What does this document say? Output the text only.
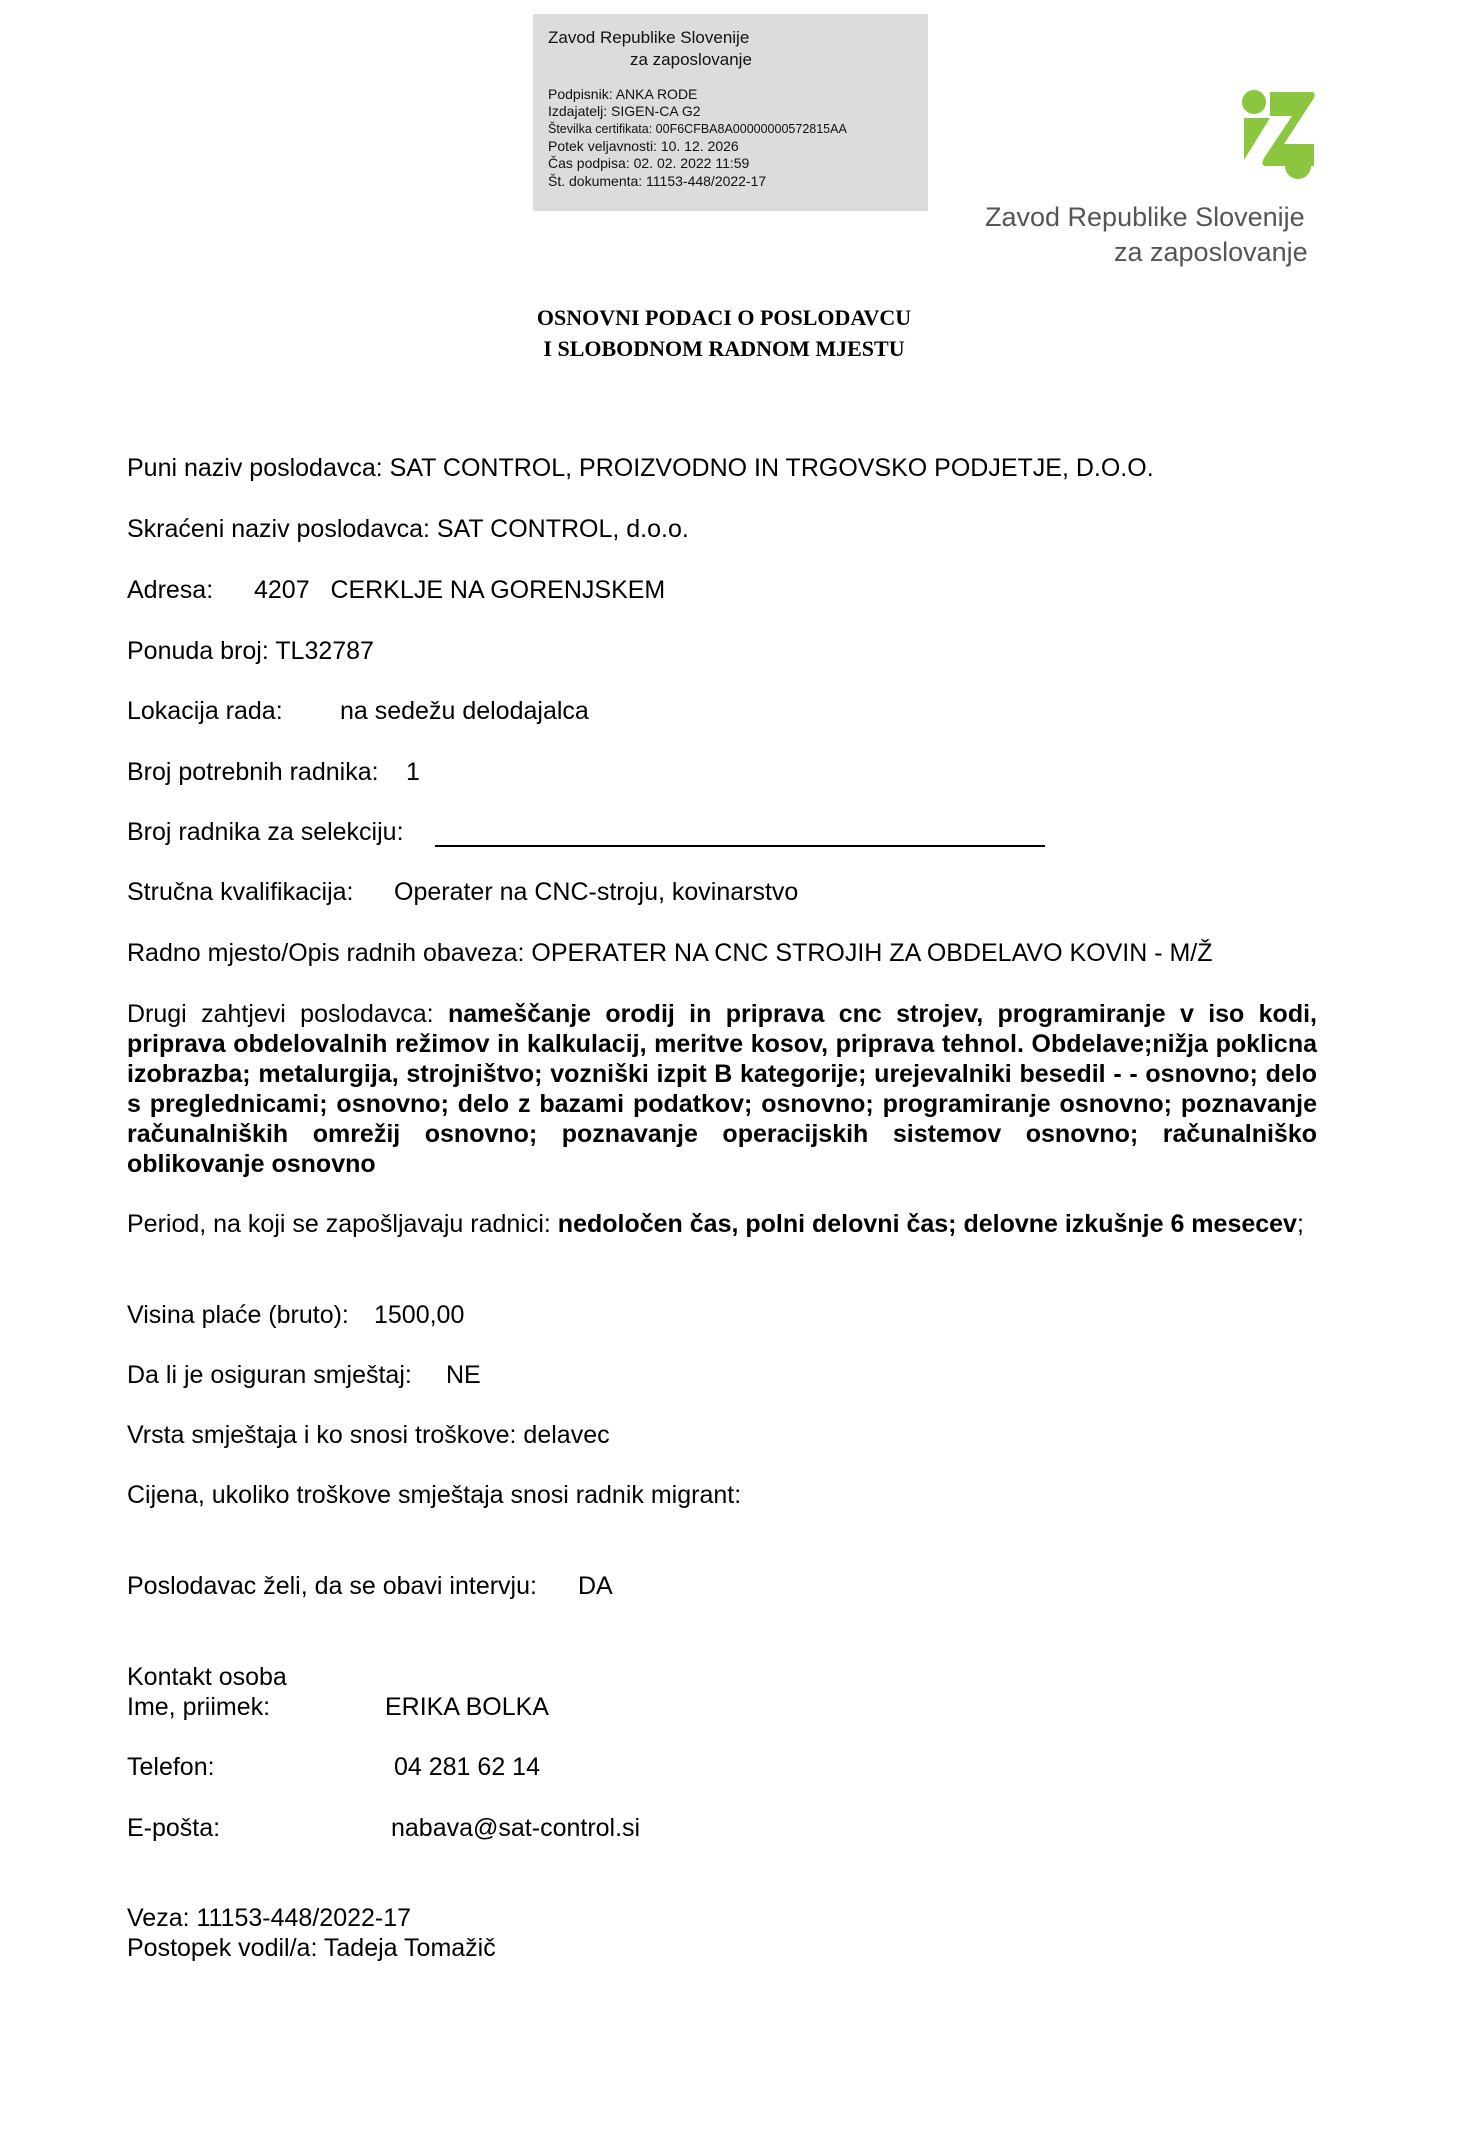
Zavod Republike Slovenije
za zaposlovanje
Podpisnik: ANKA RODE
Izdajatelj: SIGEN-CA G2
Številka certifikata: 00F6CFBA8A00000000572815AA
Potek veljavnosti: 10. 12. 2026
Čas podpisa: 02. 02. 2022 11:59
Št. dokumenta: 11153-448/2022-17
Zavod Republike Slovenije
za zaposlovanje
OSNOVNI PODACI O POSLODAVCU
I SLOBODNOM RADNOM MJESTU
Puni naziv poslodavca: SAT CONTROL, PROIZVODNO IN TRGOVSKO PODJETJE, D.O.O.
Skraćeni naziv poslodavca: SAT CONTROL, d.o.o.
Adresa: 4207   CERKLJE NA GORENJSKEM
Ponuda broj: TL32787
Lokacija rada: na sedežu delodajalca
Broj potrebnih radnika: 1
Broj radnika za selekciju:
Stručna kvalifikacija: Operater na CNC-stroju, kovinarstvo
Radno mjesto/Opis radnih obaveza: OPERATER NA CNC STROJIH ZA OBDELAVO KOVIN - M/Ž
Drugi zahtjevi poslodavca: nameščanje orodij in priprava cnc strojev, programiranje v iso kodi, priprava obdelovalnih režimov in kalkulacij, meritve kosov, priprava tehnol. Obdelave;nižja poklicna izobrazba; metalurgija, strojništvo; vozniški izpit B kategorije; urejevalniki besedil - - osnovno; delo s preglednicami; osnovno; delo z bazami podatkov; osnovno; programiranje osnovno; poznavanje računalniških omrežij osnovno; poznavanje operacijskih sistemov osnovno; računalniško oblikovanje osnovno
Period, na koji se zapošljavaju radnici: nedoločen čas, polni delovni čas; delovne izkušnje 6 mesecev;
Visina plaće (bruto): 1500,00
Da li je osiguran smještaj: NE
Vrsta smještaja i ko snosi troškove: delavec
Cijena, ukoliko troškove smještaja snosi radnik migrant:
Poslodavac želi, da se obavi intervju: DA
Kontakt osoba
Ime, priimek:	ERIKA BOLKA
Telefon:	04 281 62 14
E-pošta:	nabava@sat-control.si
Veza: 11153-448/2022-17
Postopek vodil/a: Tadeja Tomažič
